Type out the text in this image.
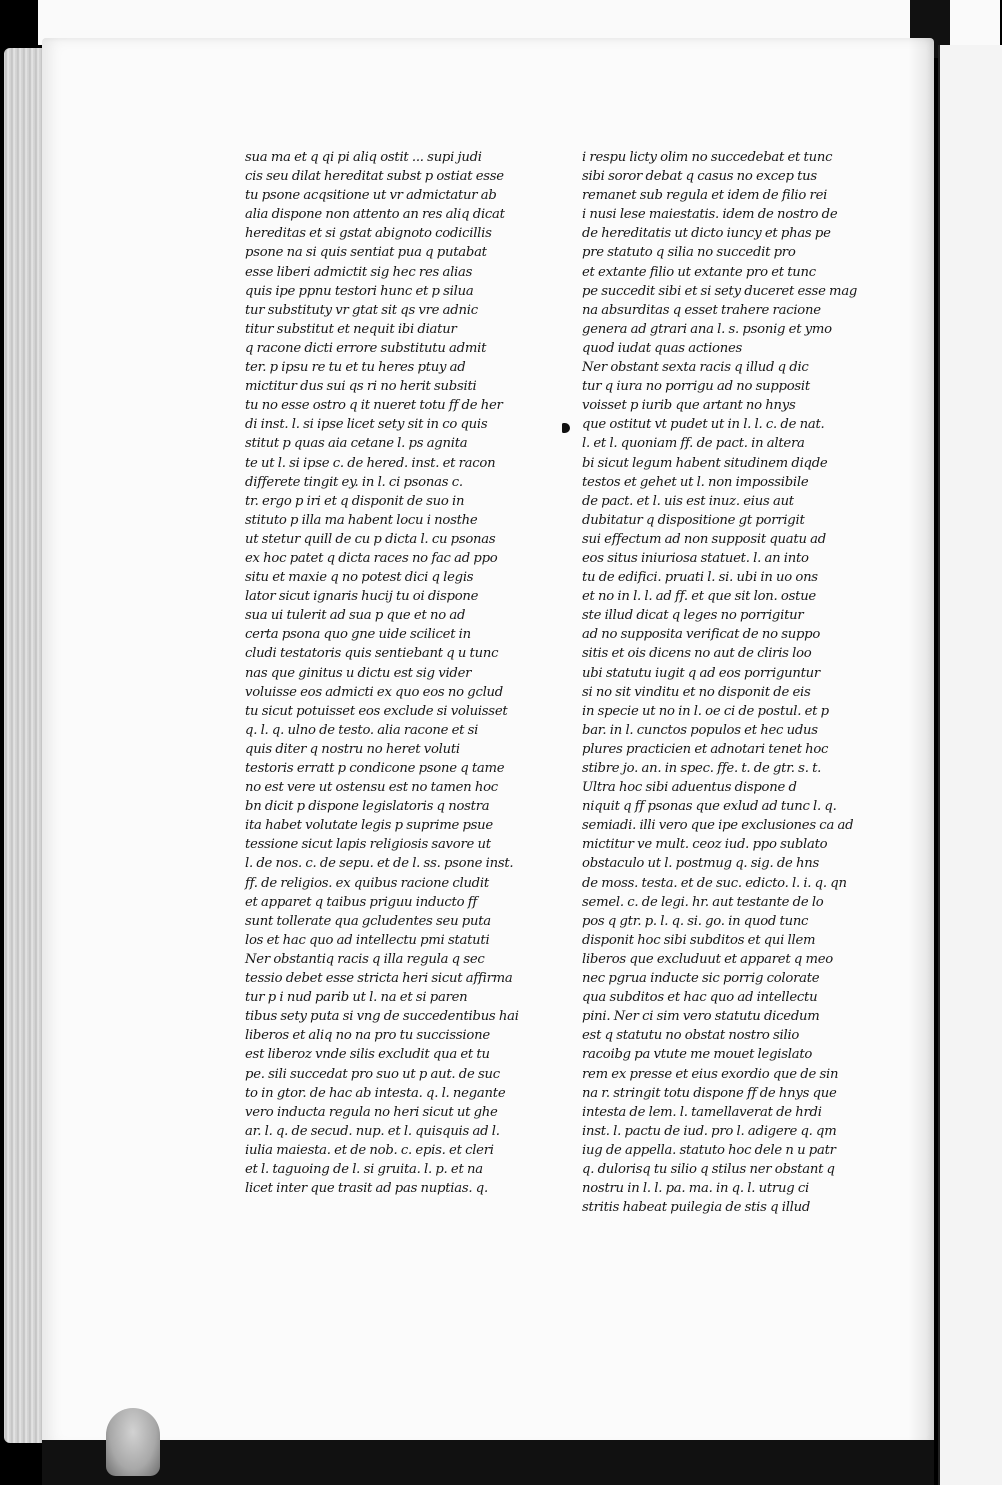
sua ma et q qi pi aliq ostit ... supi judi
cis seu dilat hereditat subst p ostiat esse
tu psone acqsitione ut vr admictatur ab
alia dispone non attento an res aliq dicat
hereditas et si gstat abignoto codicillis
psone na si quis sentiat pua q putabat
esse liberi admictit sig hec res alias
quis ipe ppnu testori hunc et p silua
tur substituty vr gtat sit qs vre adnic
titur substitut et nequit ibi diatur
q racone dicti errore substitutu admit
ter. p ipsu re tu et tu heres ptuy ad
mictitur dus sui qs ri no herit subsiti
tu no esse ostro q it nueret totu ff de her
di inst. l. si ipse licet sety sit in co quis
stitut p quas aia cetane l. ps agnita
te ut l. si ipse c. de hered. inst. et racon
differete tingit ey. in l. ci psonas c.
tr. ergo p iri et q disponit de suo in
stituto p illa ma habent locu i nosthe
ut stetur quill de cu p dicta l. cu psonas
ex hoc patet q dicta races no fac ad ppo
situ et maxie q no potest dici q legis
lator sicut ignaris hucij tu oi dispone
sua ui tulerit ad sua p que et no ad
certa psona quo gne uide scilicet in
cludi testatoris quis sentiebant q u tunc
nas que ginitus u dictu est sig vider
voluisse eos admicti ex quo eos no gclud
tu sicut potuisset eos exclude si voluisset
q. l. q. ulno de testo. alia racone et si
quis diter q nostru no heret voluti
testoris erratt p condicone psone q tame
no est vere ut ostensu est no tamen hoc
bn dicit p dispone legislatoris q nostra
ita habet volutate legis p suprime psue
tessione sicut lapis religiosis savore ut
l. de nos. c. de sepu. et de l. ss. psone inst.
ff. de religios. ex quibus racione cludit
et apparet q taibus priguu inducto ff
sunt tollerate qua gcludentes seu puta
los et hac quo ad intellectu pmi statuti
Ner obstantiq racis q illa regula q sec
tessio debet esse stricta heri sicut affirma
tur p i nud parib ut l. na et si paren
tibus sety puta si vng de succedentibus hai
liberos et aliq no na pro tu succissione
est liberoz vnde silis excludit qua et tu
pe. sili succedat pro suo ut p aut. de suc
to in gtor. de hac ab intesta. q. l. negante
vero inducta regula no heri sicut ut ghe
ar. l. q. de secud. nup. et l. quisquis ad l.
iulia maiesta. et de nob. c. epis. et cleri
et l. taguoing de l. si gruita. l. p. et na
licet inter que trasit ad pas nuptias. q.
i respu licty olim no succedebat et tunc
sibi soror debat q casus no excep tus
remanet sub regula et idem de filio rei
i nusi lese maiestatis. idem de nostro de
de hereditatis ut dicto iuncy et phas pe
pre statuto q silia no succedit pro
et extante filio ut extante pro et tunc
pe succedit sibi et si sety duceret esse mag
na absurditas q esset trahere racione
genera ad gtrari ana l. s. psonig et ymo
quod iudat quas actiones
Ner obstant sexta racis q illud q dic
tur q iura no porrigu ad no supposit
voisset p iurib que artant no hnys
que ostitut vt pudet ut in l. l. c. de nat.
l. et l. quoniam ff. de pact. in altera
bi sicut legum habent situdinem diqde
testos et gehet ut l. non impossibile
de pact. et l. uis est inuz. eius aut
dubitatur q dispositione gt porrigit
sui effectum ad non supposit quatu ad
eos situs iniuriosa statuet. l. an into
tu de edifici. pruati l. si. ubi in uo ons
et no in l. l. ad ff. et que sit lon. ostue
ste illud dicat q leges no porrigitur
ad no supposita verificat de no suppo
sitis et ois dicens no aut de cliris loo
ubi statutu iugit q ad eos porriguntur
si no sit vinditu et no disponit de eis
in specie ut no in l. oe ci de postul. et p
bar. in l. cunctos populos et hec udus
plures practicien et adnotari tenet hoc
stibre jo. an. in spec. ffe. t. de gtr. s. t.
Ultra hoc sibi aduentus dispone d
niquit q ff psonas que exlud ad tunc l. q.
semiadi. illi vero que ipe exclusiones ca ad
mictitur ve mult. ceoz iud. ppo sublato
obstaculo ut l. postmug q. sig. de hns
de moss. testa. et de suc. edicto. l. i. q. qn
semel. c. de legi. hr. aut testante de lo
pos q gtr. p. l. q. si. go. in quod tunc
disponit hoc sibi subditos et qui llem
liberos que excluduut et apparet q meo
nec pgrua inducte sic porrig colorate
qua subditos et hac quo ad intellectu
pini. Ner ci sim vero statutu dicedum
est q statutu no obstat nostro silio
racoibg pa vtute me mouet legislato
rem ex presse et eius exordio que de sin
na r. stringit totu dispone ff de hnys que
intesta de lem. l. tamellaverat de hrdi
inst. l. pactu de iud. pro l. adigere q. qm
iug de appella. statuto hoc dele n u patr
q. dulorisq tu silio q stilus ner obstant q
nostru in l. l. pa. ma. in q. l. utrug ci
stritis habeat puilegia de stis q illud
